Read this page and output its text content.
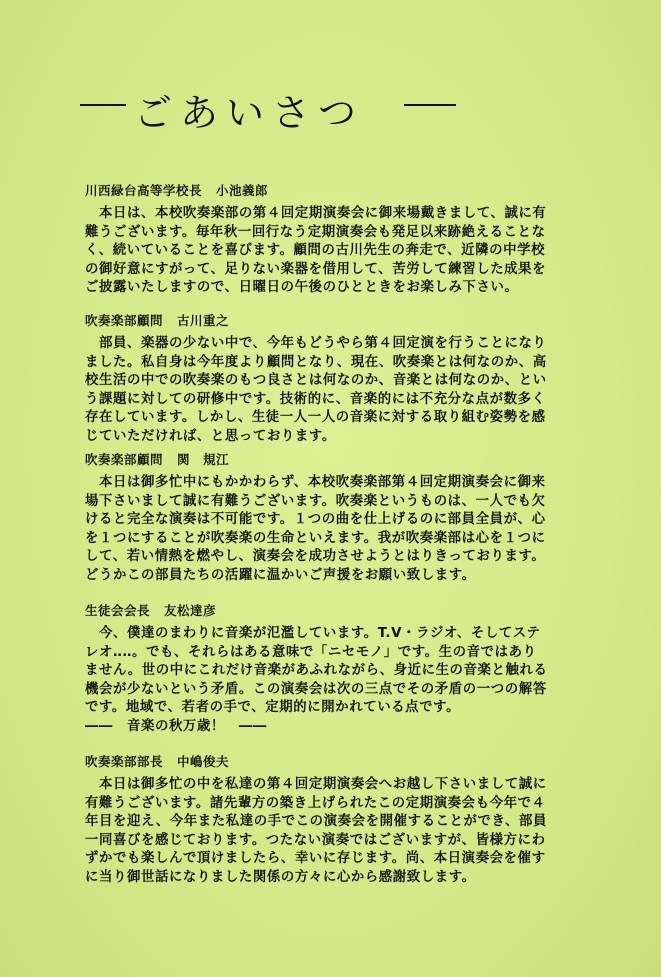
ごあいさつ
川西緑台高等学校長 小池義郎
　本日は、本校吹奏楽部の第４回定期演奏会に御来場戴きまして、誠に有
難うございます。毎年秋一回行なう定期演奏会も発足以来跡絶えることな
く、続いていることを喜びます。顧問の古川先生の奔走で、近隣の中学校
の御好意にすがって、足りない楽器を借用して、苦労して練習した成果を
ご披露いたしますので、日曜日の午後のひとときをお楽しみ下さい。
吹奏楽部顧問 古川重之
　部員、楽器の少ない中で、今年もどうやら第４回定演を行うことになり
ました。私自身は今年度より顧問となり、現在、吹奏楽とは何なのか、高
校生活の中での吹奏楽のもつ良さとは何なのか、音楽とは何なのか、とい
う課題に対しての研修中です。技術的に、音楽的には不充分な点が数多く
存在しています。しかし、生徒一人一人の音楽に対する取り組む姿勢を感
じていただければ、と思っております。
吹奏楽部顧問 関　規江
　本日は御多忙中にもかかわらず、本校吹奏楽部第４回定期演奏会に御来
場下さいまして誠に有難うございます。吹奏楽というものは、一人でも欠
けると完全な演奏は不可能です。１つの曲を仕上げるのに部員全員が、心
を１つにすることが吹奏楽の生命といえます。我が吹奏楽部は心を１つに
して、若い情熱を燃やし、演奏会を成功させようとはりきっております。
どうかこの部員たちの活躍に温かいご声援をお願い致します。
生徒会会長 友松達彦
　今、僕達のまわりに音楽が氾濫しています。T.V・ラジオ、そしてステ
レオ‥‥。でも、それらはある意味で「ニセモノ」です。生の音ではあり
ません。世の中にこれだけ音楽があふれながら、身近に生の音楽と触れる
機会が少ないという矛盾。この演奏会は次の三点でその矛盾の一つの解答
です。地域で、若者の手で、定期的に開かれている点です。
――　音楽の秋万歳！　――
吹奏楽部部長 中嶋俊夫
　本日は御多忙の中を私達の第４回定期演奏会へお越し下さいまして誠に
有難うございます。諸先輩方の築き上げられたこの定期演奏会も今年で４
年目を迎え、今年また私達の手でこの演奏会を開催することができ、部員
一同喜びを感じております。つたない演奏ではございますが、皆様方にわ
ずかでも楽しんで頂けましたら、幸いに存じます。尚、本日演奏会を催す
に当り御世話になりました関係の方々に心から感謝致します。
